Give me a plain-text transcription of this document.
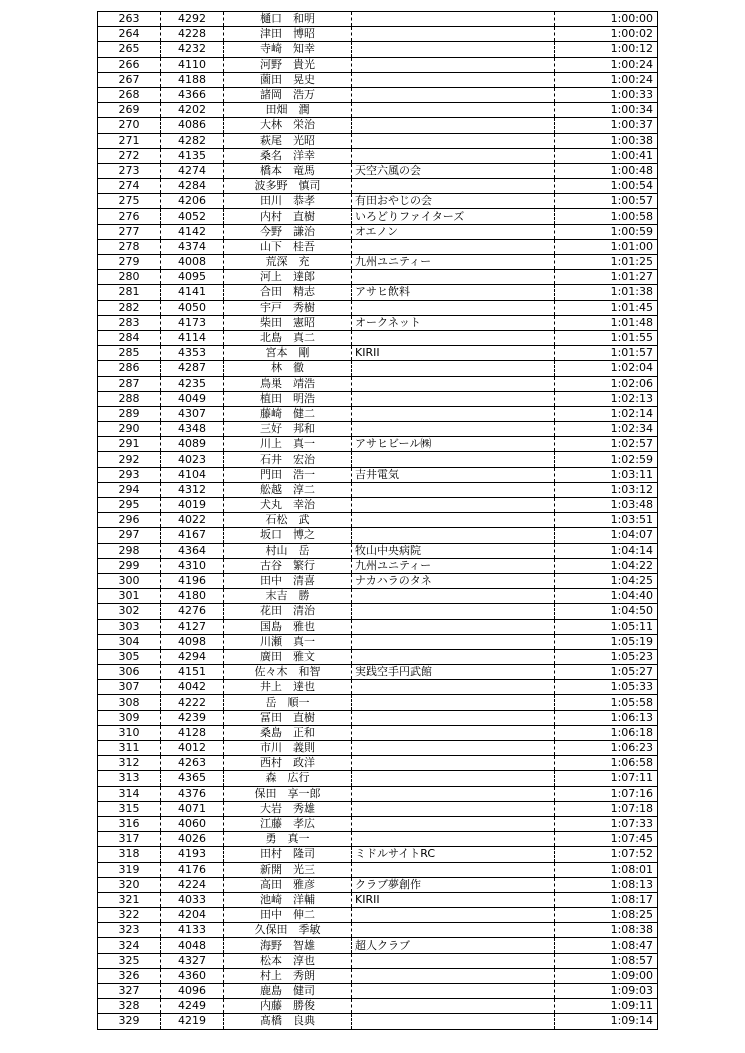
263	4292	樋口　和明		1:00:00
264	4228	津田　博昭		1:00:02
265	4232	寺崎　知幸		1:00:12
266	4110	河野　貴光		1:00:24
267	4188	薗田　晃史		1:00:24
268	4366	諸岡　浩万		1:00:33
269	4202	田畑　潤		1:00:34
270	4086	大林　栄治		1:00:37
271	4282	萩尾　光昭		1:00:38
272	4135	桑名　洋幸		1:00:41
273	4274	橋本　竜馬	天空六風の会	1:00:48
274	4284	波多野　慎司		1:00:54
275	4206	田川　恭孝	有田おやじの会	1:00:57
276	4052	内村　直樹	いろどりファイターズ	1:00:58
277	4142	今野　謙治	オエノン	1:00:59
278	4374	山下　桂吾		1:01:00
279	4008	荒深　充	九州ユニティー	1:01:25
280	4095	河上　達郎		1:01:27
281	4141	合田　精志	アサヒ飲料	1:01:38
282	4050	宇戸　秀樹		1:01:45
283	4173	柴田　憲昭	オークネット	1:01:48
284	4114	北島　真二		1:01:55
285	4353	宮本　剛	KIRII	1:01:57
286	4287	林　徹		1:02:04
287	4235	鳥巣　靖浩		1:02:06
288	4049	植田　明浩		1:02:13
289	4307	藤崎　健二		1:02:14
290	4348	三好　邦和		1:02:34
291	4089	川上　真一	アサヒビール㈱	1:02:57
292	4023	石井　宏治		1:02:59
293	4104	門田　浩一	吉井電気	1:03:11
294	4312	舩越　淳二		1:03:12
295	4019	犬丸　幸治		1:03:48
296	4022	石松　武		1:03:51
297	4167	坂口　博之		1:04:07
298	4364	村山　岳	牧山中央病院	1:04:14
299	4310	古谷　繁行	九州ユニティー	1:04:22
300	4196	田中　清喜	ナカハラのタネ	1:04:25
301	4180	末吉　勝		1:04:40
302	4276	花田　清治		1:04:50
303	4127	国島　雅也		1:05:11
304	4098	川瀬　真一		1:05:19
305	4294	廣田　雅文		1:05:23
306	4151	佐々木　和智	実践空手円武館	1:05:27
307	4042	井上　達也		1:05:33
308	4222	岳　順一		1:05:58
309	4239	冨田　直樹		1:06:13
310	4128	桑島　正和		1:06:18
311	4012	市川　義則		1:06:23
312	4263	西村　政洋		1:06:58
313	4365	森　広行		1:07:11
314	4376	保田　享一郎		1:07:16
315	4071	大岩　秀雄		1:07:18
316	4060	江藤　孝広		1:07:33
317	4026	勇　真一		1:07:45
318	4193	田村　隆司	ミドルサイトRC	1:07:52
319	4176	新開　光三		1:08:01
320	4224	高田　雅彦	クラブ夢創作	1:08:13
321	4033	池崎　洋輔	KIRII	1:08:17
322	4204	田中　伸二		1:08:25
323	4133	久保田　季敏		1:08:38
324	4048	海野　智雄	超人クラブ	1:08:47
325	4327	松本　淳也		1:08:57
326	4360	村上　秀朗		1:09:00
327	4096	鹿島　健司		1:09:03
328	4249	内藤　勝俊		1:09:11
329	4219	髙橋　良典		1:09:14
